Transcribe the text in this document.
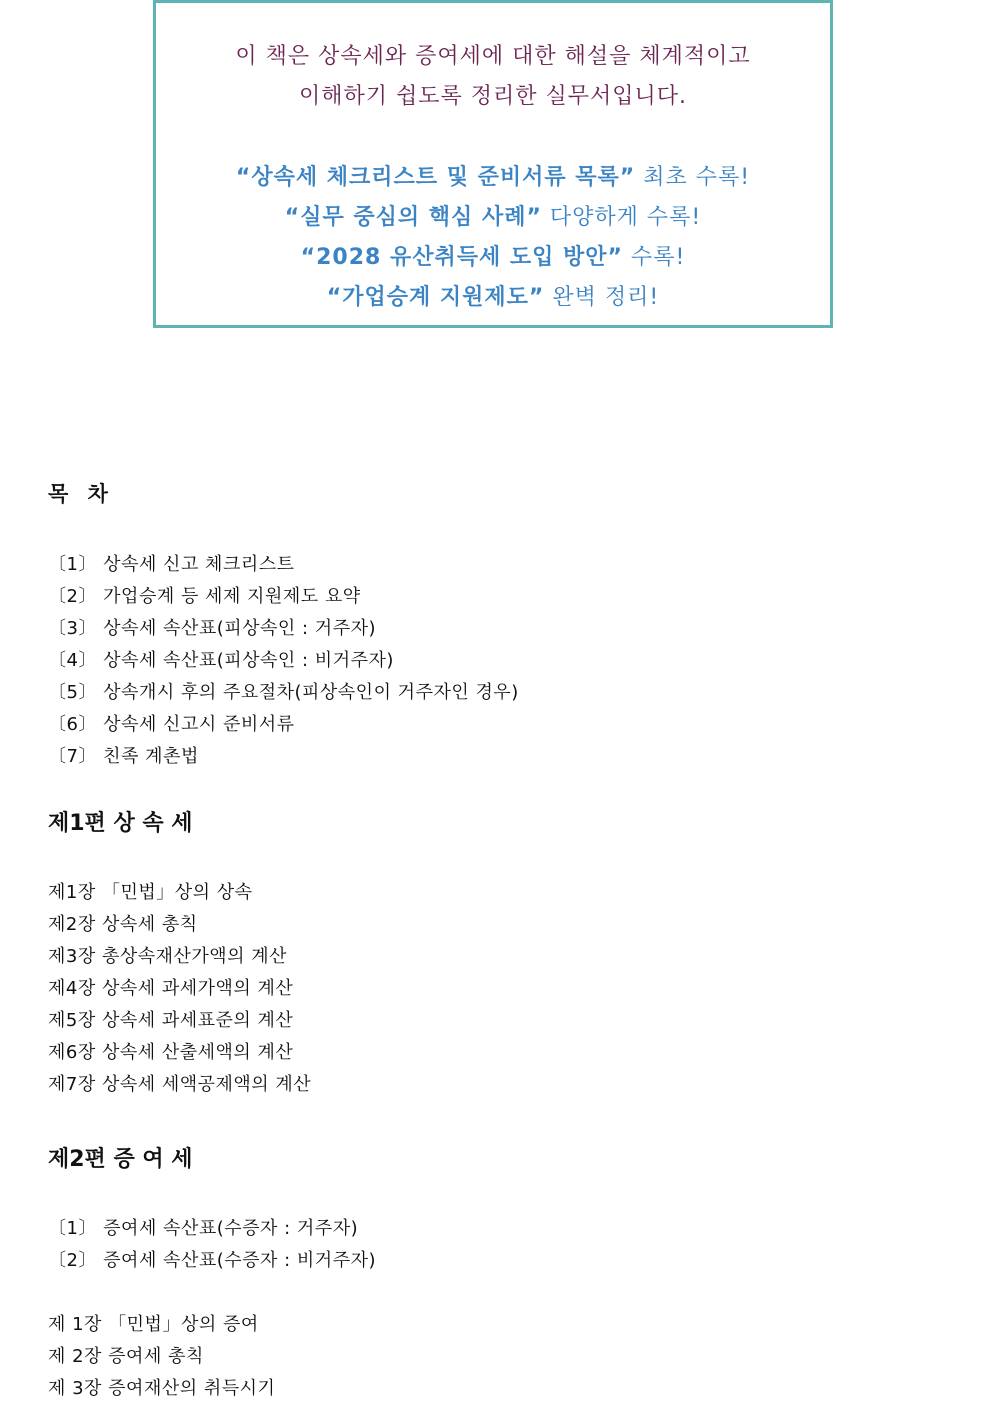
이 책은 상속세와 증여세에 대한 해설을 체계적이고
이해하기 쉽도록 정리한 실무서입니다.
“상속세 체크리스트 및 준비서류 목록” 최초 수록!
“실무 중심의 핵심 사례” 다양하게 수록!
“2028 유산취득세 도입 방안” 수록!
“가업승계 지원제도” 완벽 정리!
목 차
〔1〕 상속세 신고 체크리스트
〔2〕 가업승계 등 세제 지원제도 요약
〔3〕 상속세 속산표(피상속인 : 거주자)
〔4〕 상속세 속산표(피상속인 : 비거주자)
〔5〕 상속개시 후의 주요절차(피상속인이 거주자인 경우)
〔6〕 상속세 신고시 준비서류
〔7〕 친족 계촌법
제1편 상 속 세
제1장 「민법」상의 상속
제2장 상속세 총칙
제3장 총상속재산가액의 계산
제4장 상속세 과세가액의 계산
제5장 상속세 과세표준의 계산
제6장 상속세 산출세액의 계산
제7장 상속세 세액공제액의 계산
제2편 증 여 세
〔1〕 증여세 속산표(수증자 : 거주자)
〔2〕 증여세 속산표(수증자 : 비거주자)
제 1장 「민법」상의 증여
제 2장 증여세 총칙
제 3장 증여재산의 취득시기
